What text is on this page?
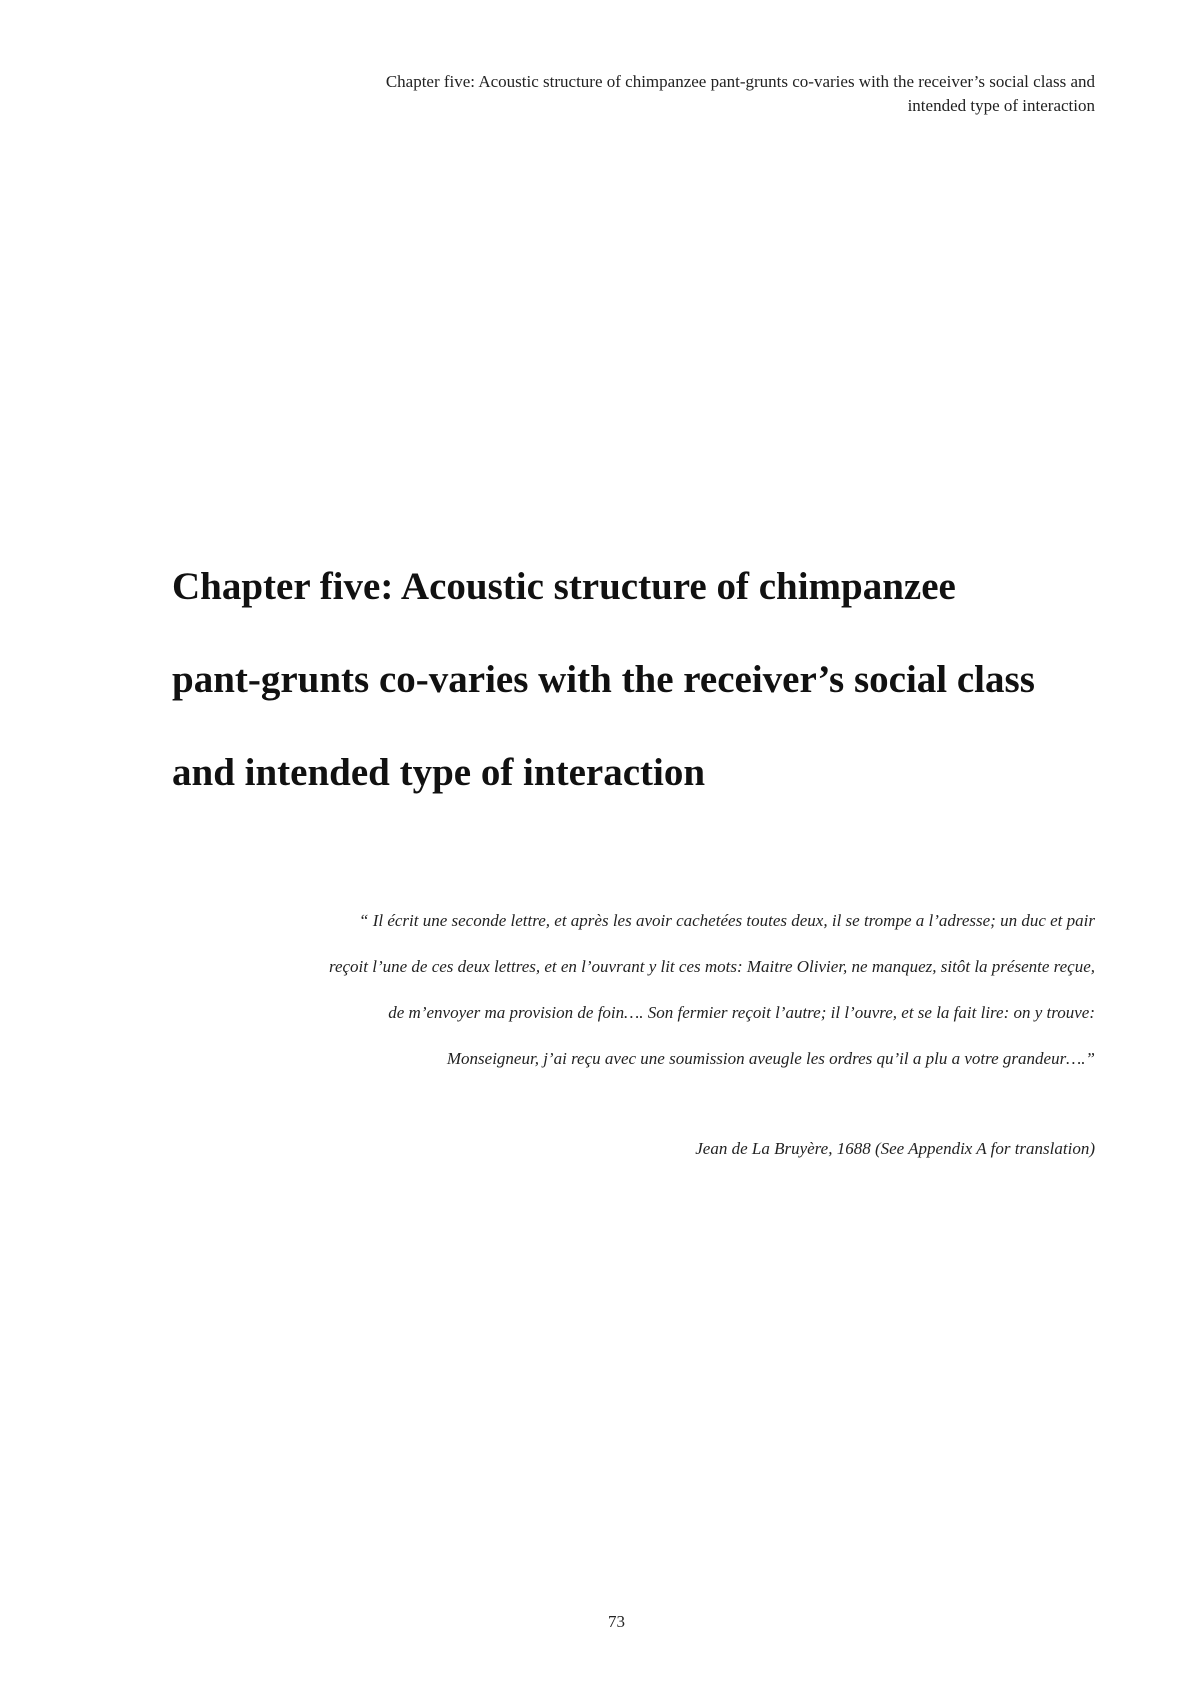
Chapter five: Acoustic structure of chimpanzee pant-grunts co-varies with the receiver’s social class and
intended type of interaction
Chapter five: Acoustic structure of chimpanzee
pant-grunts co-varies with the receiver’s social class
and intended type of interaction

“ Il écrit une seconde lettre, et après les avoir cachetées toutes deux, il se trompe a l’adresse; un duc et pair
reçoit l’une de ces deux lettres, et en l’ouvrant y lit ces mots: Maitre Olivier, ne manquez, sitôt la présente reçue,
de m’envoyer ma provision de foin…. Son fermier reçoit l’autre; il l’ouvre, et se la fait lire: on y trouve:
Monseigneur, j’ai reçu avec une soumission aveugle les ordres qu’il a plu a votre grandeur….”

Jean de La Bruyère, 1688 (See Appendix A for translation)
73
